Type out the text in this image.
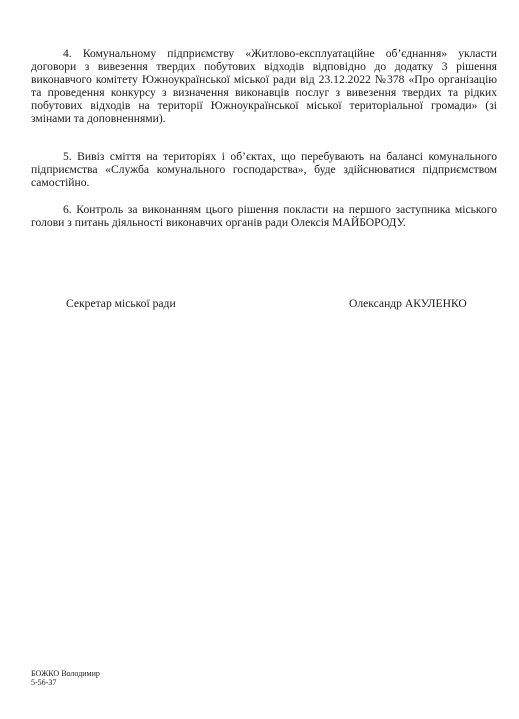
4. Комунальному підприємству «Житлово-експлуатаційне об’єднання» укласти договори з вивезення твердих побутових відходів відповідно до додатку 3 рішення виконавчого комітету Южноукраїнської міської ради від 23.12.2022 №378 «Про організацію та проведення конкурсу з визначення виконавців послуг з вивезення твердих та рідких побутових відходів на території Южноукраїнської міської територіальної громади» (зі змінами та доповненнями).

5. Вивіз сміття на територіях і об’єктах, що перебувають на балансі комунального підприємства «Служба комунального господарства», буде здійснюватися підприємством самостійно.

6. Контроль за виконанням цього рішення покласти на першого заступника міського голови з питань діяльності виконавчих органів ради Олексія МАЙБОРОДУ.

Секретар міської ради	Олександр АКУЛЕНКО

БОЖКО Володимир
5-56-37
